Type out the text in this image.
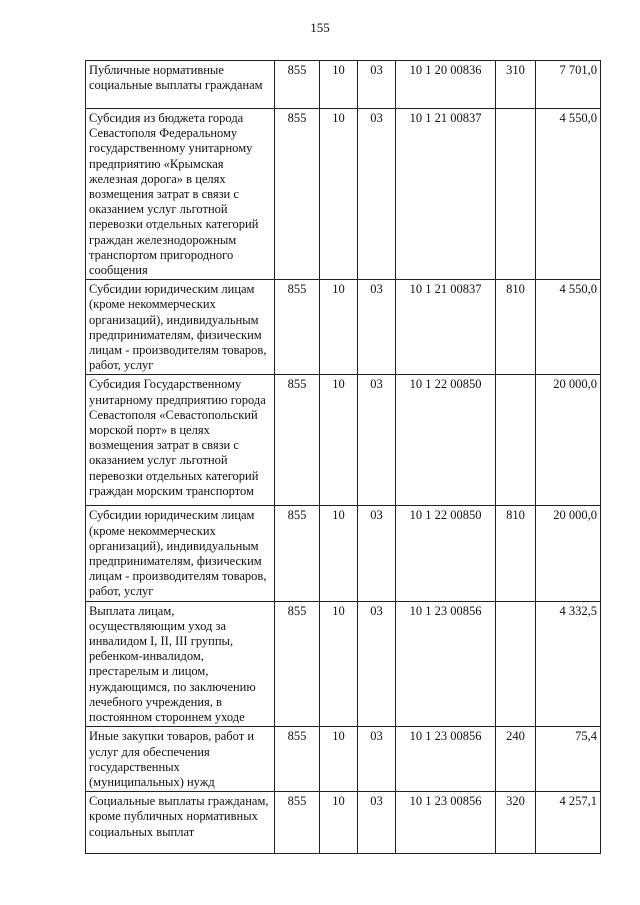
155
Публичные нормативные социальные выплаты гражданам	855	10	03	10 1 20 00836	310	7 701,0
Субсидия из бюджета города Севастополя Федеральному государственному унитарному предприятию «Крымская железная дорога» в целях возмещения затрат в связи с оказанием услуг льготной перевозки отдельных категорий граждан железнодорожным транспортом пригородного сообщения	855	10	03	10 1 21 00837		4 550,0
Субсидии юридическим лицам (кроме некоммерческих организаций), индивидуальным предпринимателям, физическим лицам - производителям товаров, работ, услуг	855	10	03	10 1 21 00837	810	4 550,0
Субсидия Государственному унитарному предприятию города Севастополя «Севастопольский морской порт» в целях возмещения затрат в связи с оказанием услуг льготной перевозки отдельных категорий граждан морским транспортом	855	10	03	10 1 22 00850		20 000,0
Субсидии юридическим лицам (кроме некоммерческих организаций), индивидуальным предпринимателям, физическим лицам - производителям товаров, работ, услуг	855	10	03	10 1 22 00850	810	20 000,0
Выплата лицам, осуществляющим уход за инвалидом I, II, III группы, ребенком-инвалидом, престарелым и лицом, нуждающимся, по заключению лечебного учреждения, в постоянном стороннем уходе	855	10	03	10 1 23 00856		4 332,5
Иные закупки товаров, работ и услуг для обеспечения государственных (муниципальных) нужд	855	10	03	10 1 23 00856	240	75,4
Социальные выплаты гражданам, кроме публичных нормативных социальных выплат	855	10	03	10 1 23 00856	320	4 257,1
